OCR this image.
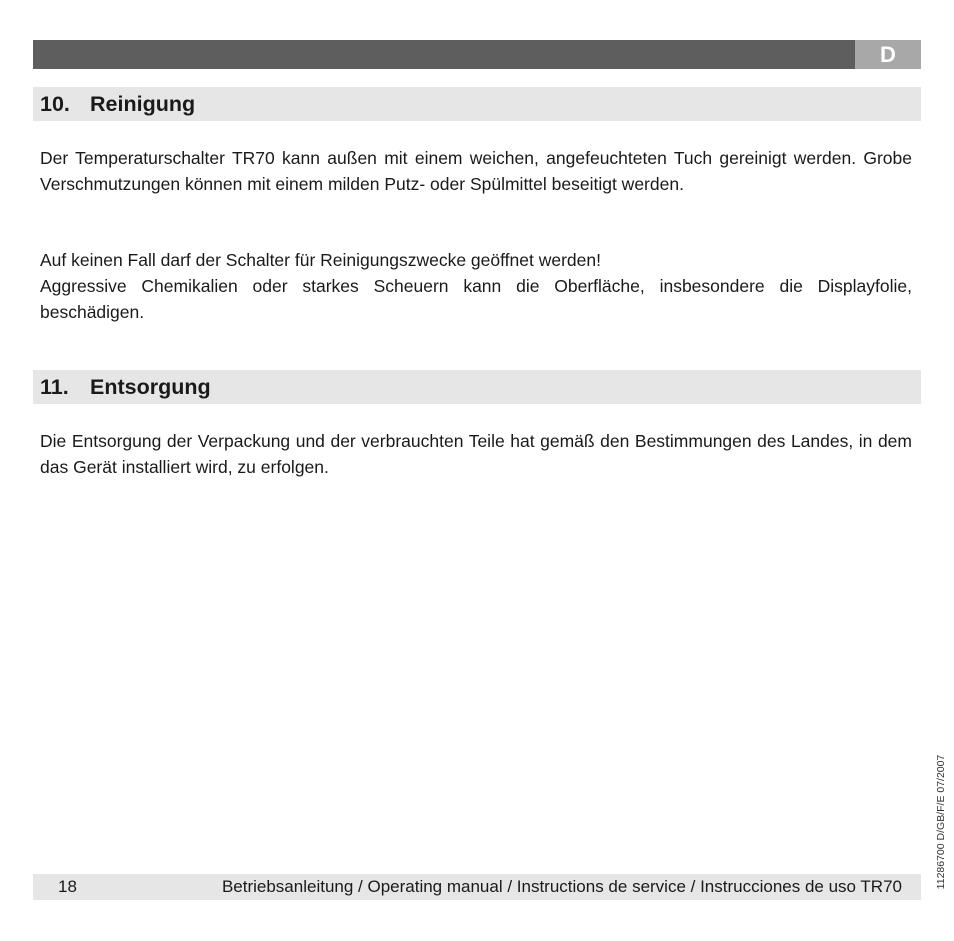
D
10. Reinigung

Der Temperaturschalter TR70 kann außen mit einem weichen, angefeuchteten Tuch gereinigt werden. Grobe Verschmutzungen können mit einem milden Putz- oder Spülmittel beseitigt werden.

Auf keinen Fall darf der Schalter für Reinigungszwecke geöffnet werden!
Aggressive Chemikalien oder starkes Scheuern kann die Oberfläche, insbesondere die Displayfolie, beschädigen.

11. Entsorgung

Die Entsorgung der Verpackung und der verbrauchten Teile hat gemäß den Bestimmungen des Landes, in dem das Gerät installiert wird, zu erfolgen.

11286700 D/GB/F/E 07/2007
18	Betriebsanleitung / Operating manual / Instructions de service / Instrucciones de uso TR70
